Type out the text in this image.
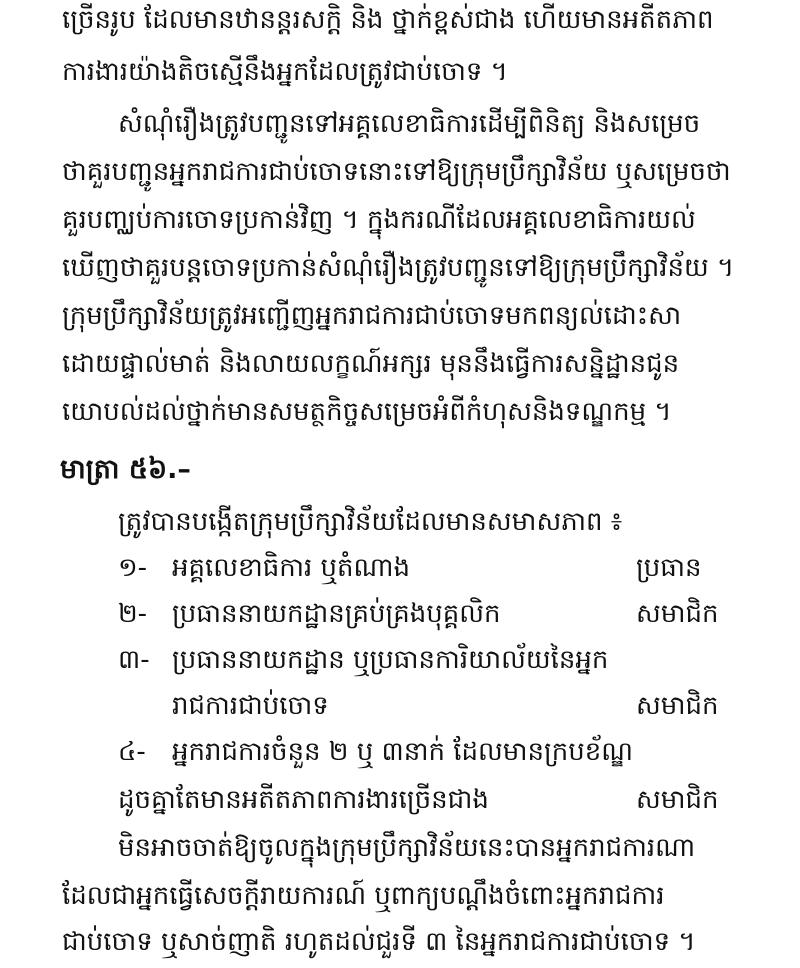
ច្រើនរូប ដែលមានឋានន្តរសក្តិ និង ថ្នាក់ខ្ពស់ជាង ហើយមានអតីតភាព
ការងារយ៉ាងតិចស្មើនឹងអ្នកដែលត្រូវជាប់ចោទ ។
សំណុំរឿងត្រូវបញ្ជូនទៅអគ្គលេខាធិការដើម្បីពិនិត្យ និងសម្រេច
ថាគួរបញ្ជូនអ្នករាជការជាប់ចោទនោះទៅឱ្យក្រុមប្រឹក្សាវិន័យ ឬសម្រេចថា
គួរបញ្ឈប់ការចោទប្រកាន់វិញ ។ ក្នុងករណីដែលអគ្គលេខាធិការយល់
ឃើញថាគួរបន្តចោទប្រកាន់សំណុំរឿងត្រូវបញ្ជូនទៅឱ្យក្រុមប្រឹក្សាវិន័យ ។
ក្រុមប្រឹក្សាវិន័យត្រូវអញ្ជើញអ្នករាជការជាប់ចោទមកពន្យល់ដោះសា
ដោយផ្ទាល់មាត់ និងលាយលក្ខណ៍អក្សរ មុននឹងធ្វើការសន្និដ្ឋានជូន
យោបល់ដល់ថ្នាក់មានសមត្ថកិច្ចសម្រេចអំពីកំហុសនិងទណ្ឌកម្ម ។
មាត្រា ៥៦.–
ត្រូវបានបង្កើតក្រុមប្រឹក្សាវិន័យដែលមានសមាសភាព ៖
១- អគ្គលេខាធិការ ឬតំណាង	ប្រធាន
២- ប្រធាននាយកដ្ឋានគ្រប់គ្រងបុគ្គលិក	សមាជិក
៣- ប្រធាននាយកដ្ឋាន ឬប្រធានការិយាល័យនៃអ្នក
រាជការជាប់ចោទ	សមាជិក
៤- អ្នករាជការចំនួន ២ ឬ ៣នាក់ ដែលមានក្របខ័ណ្ឌ
ដូចគ្នាតែមានអតីតភាពការងារច្រើនជាង	សមាជិក
មិនអាចចាត់ឱ្យចូលក្នុងក្រុមប្រឹក្សាវិន័យនេះបានអ្នករាជការណា
ដែលជាអ្នកធ្វើសេចក្តីរាយការណ៍ ឬពាក្យបណ្តឹងចំពោះអ្នករាជការ
ជាប់ចោទ ឬសាច់ញាតិ រហូតដល់ជួរទី ៣ នៃអ្នករាជការជាប់ចោទ ។
